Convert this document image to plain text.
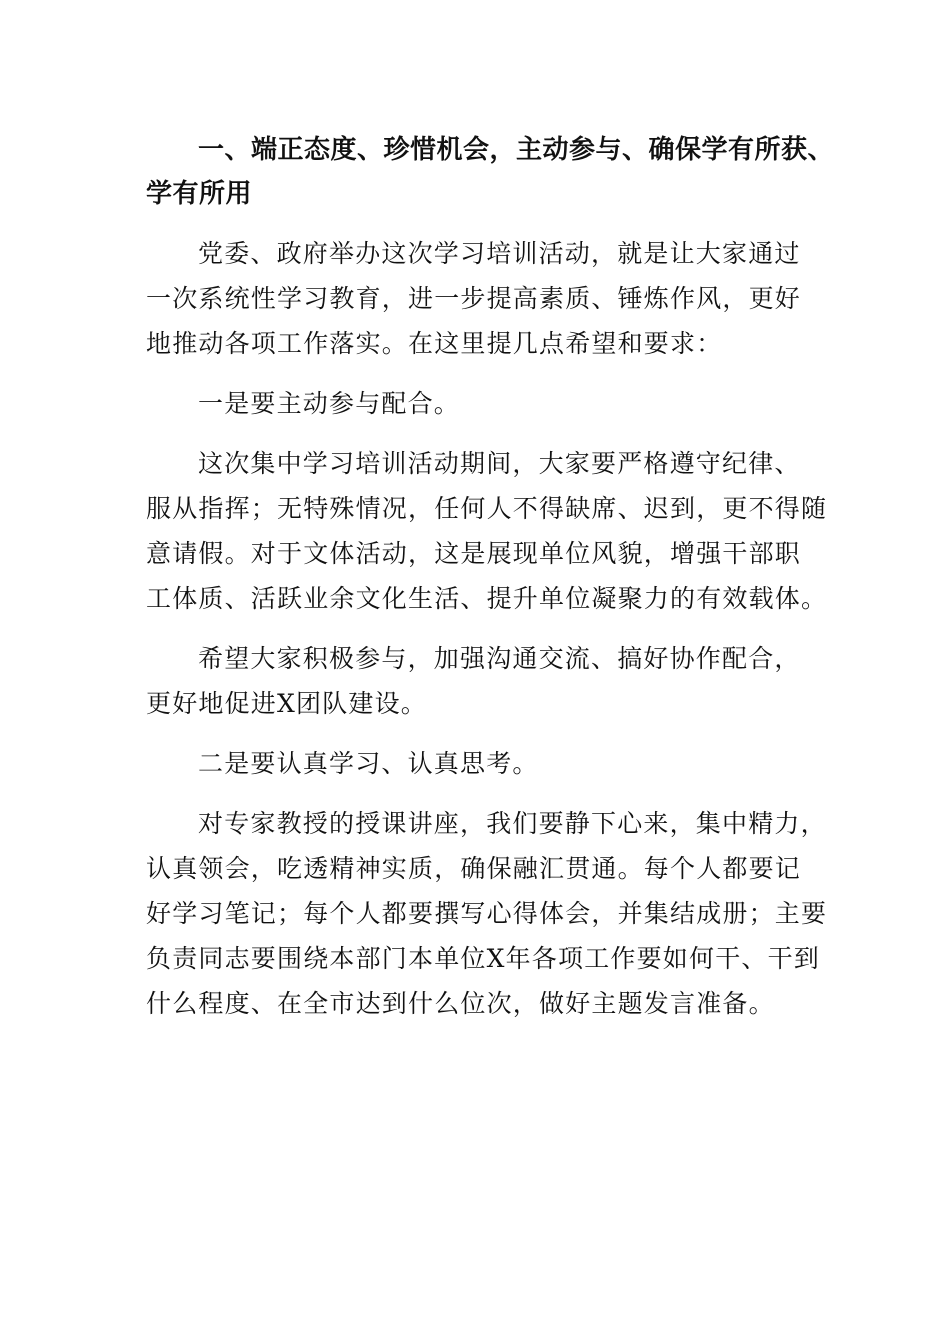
一、端正态度、珍惜机会，主动参与、确保学有所获、
学有所用
党委、政府举办这次学习培训活动，就是让大家通过
一次系统性学习教育，进一步提高素质、锤炼作风，更好
地推动各项工作落实。在这里提几点希望和要求：
一是要主动参与配合。
这次集中学习培训活动期间，大家要严格遵守纪律、
服从指挥；无特殊情况，任何人不得缺席、迟到，更不得随
意请假。对于文体活动，这是展现单位风貌，增强干部职
工体质、活跃业余文化生活、提升单位凝聚力的有效载体。
希望大家积极参与，加强沟通交流、搞好协作配合，
更好地促进X团队建设。
二是要认真学习、认真思考。
对专家教授的授课讲座，我们要静下心来，集中精力，
认真领会，吃透精神实质，确保融汇贯通。每个人都要记
好学习笔记；每个人都要撰写心得体会，并集结成册；主要
负责同志要围绕本部门本单位X年各项工作要如何干、干到
什么程度、在全市达到什么位次，做好主题发言准备。
